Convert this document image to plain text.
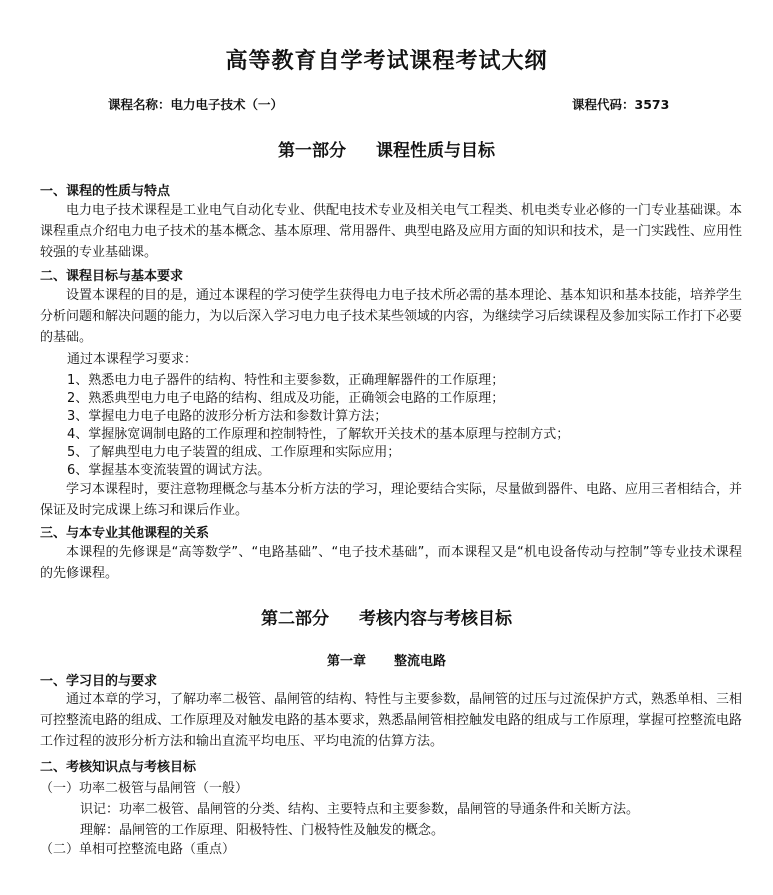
高等教育自学考试课程考试大纲
课程名称：电力电子技术（一）	课程代码：3573
第一部分 课程性质与目标
一、课程的性质与特点
电力电子技术课程是工业电气自动化专业、供配电技术专业及相关电气工程类、机电类专业必修的一门专业基础课。本课程重点介绍电力电子技术的基本概念、基本原理、常用器件、典型电路及应用方面的知识和技术，是一门实践性、应用性较强的专业基础课。
二、课程目标与基本要求
设置本课程的目的是，通过本课程的学习使学生获得电力电子技术所必需的基本理论、基本知识和基本技能，培养学生分析问题和解决问题的能力，为以后深入学习电力电子技术某些领域的内容，为继续学习后续课程及参加实际工作打下必要的基础。
通过本课程学习要求：
1、熟悉电力电子器件的结构、特性和主要参数，正确理解器件的工作原理；
2、熟悉典型电力电子电路的结构、组成及功能，正确领会电路的工作原理；
3、掌握电力电子电路的波形分析方法和参数计算方法；
4、掌握脉宽调制电路的工作原理和控制特性，了解软开关技术的基本原理与控制方式；
5、了解典型电力电子装置的组成、工作原理和实际应用；
6、掌握基本变流装置的调试方法。
学习本课程时，要注意物理概念与基本分析方法的学习，理论要结合实际，尽量做到器件、电路、应用三者相结合，并保证及时完成课上练习和课后作业。
三、与本专业其他课程的关系
本课程的先修课是“高等数学”、“电路基础”、“电子技术基础”，而本课程又是“机电设备传动与控制”等专业技术课程的先修课程。
第二部分 考核内容与考核目标
第一章 整流电路
一、学习目的与要求
通过本章的学习，了解功率二极管、晶闸管的结构、特性与主要参数，晶闸管的过压与过流保护方式，熟悉单相、三相可控整流电路的组成、工作原理及对触发电路的基本要求，熟悉晶闸管相控触发电路的组成与工作原理，掌握可控整流电路工作过程的波形分析方法和输出直流平均电压、平均电流的估算方法。
二、考核知识点与考核目标
（一）功率二极管与晶闸管（一般）
识记：功率二极管、晶闸管的分类、结构、主要特点和主要参数，晶闸管的导通条件和关断方法。
理解：晶闸管的工作原理、阳极特性、门极特性及触发的概念。
（二）单相可控整流电路（重点）
